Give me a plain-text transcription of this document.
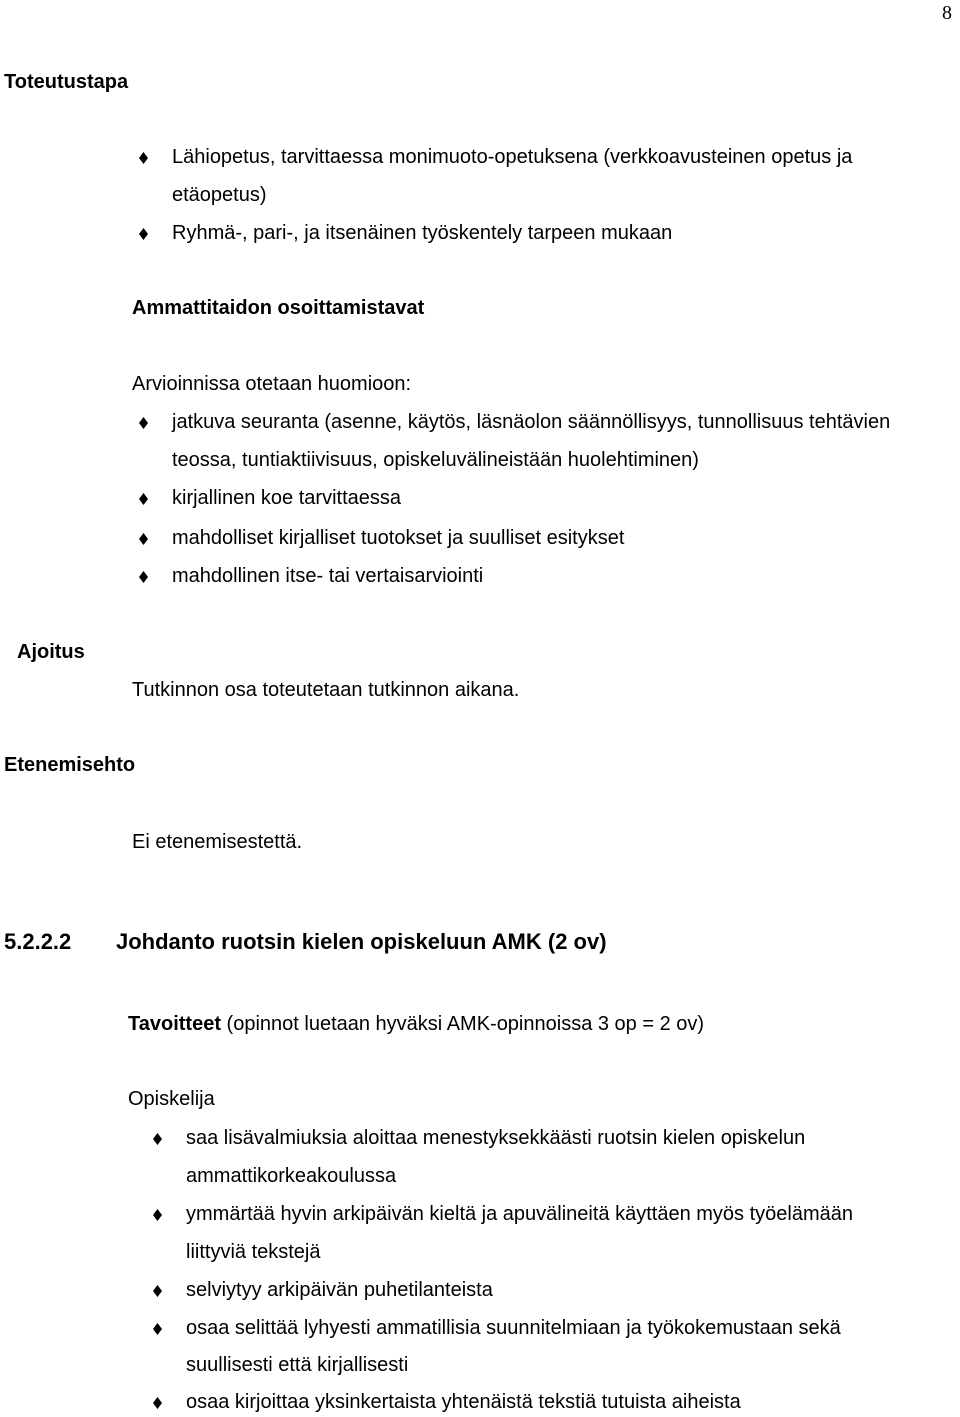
8
Toteutustapa
Lähiopetus, tarvittaessa monimuoto-opetuksena (verkkoavusteinen opetus ja
etäopetus)
Ryhmä-, pari-, ja itsenäinen työskentely tarpeen mukaan
Ammattitaidon osoittamistavat
Arvioinnissa otetaan huomioon:
jatkuva seuranta (asenne, käytös, läsnäolon säännöllisyys, tunnollisuus tehtävien
teossa, tuntiaktiivisuus, opiskeluvälineistään huolehtiminen)
kirjallinen koe tarvittaessa
mahdolliset kirjalliset tuotokset ja suulliset esitykset
mahdollinen itse- tai vertaisarviointi
Ajoitus
Tutkinnon osa toteutetaan tutkinnon aikana.
Etenemisehto
Ei etenemisestettä.
5.2.2.2 Johdanto ruotsin kielen opiskeluun AMK (2 ov)
Tavoitteet (opinnot luetaan hyväksi AMK-opinnoissa 3 op = 2 ov)
Opiskelija
saa lisävalmiuksia aloittaa menestyksekkäästi ruotsin kielen opiskelun
ammattikorkeakoulussa
ymmärtää hyvin arkipäivän kieltä ja apuvälineitä käyttäen myös työelämään
liittyviä tekstejä
selviytyy arkipäivän puhetilanteista
osaa selittää lyhyesti ammatillisia suunnitelmiaan ja työkokemustaan sekä
suullisesti että kirjallisesti
osaa kirjoittaa yksinkertaista yhtenäistä tekstiä tutuista aiheista
